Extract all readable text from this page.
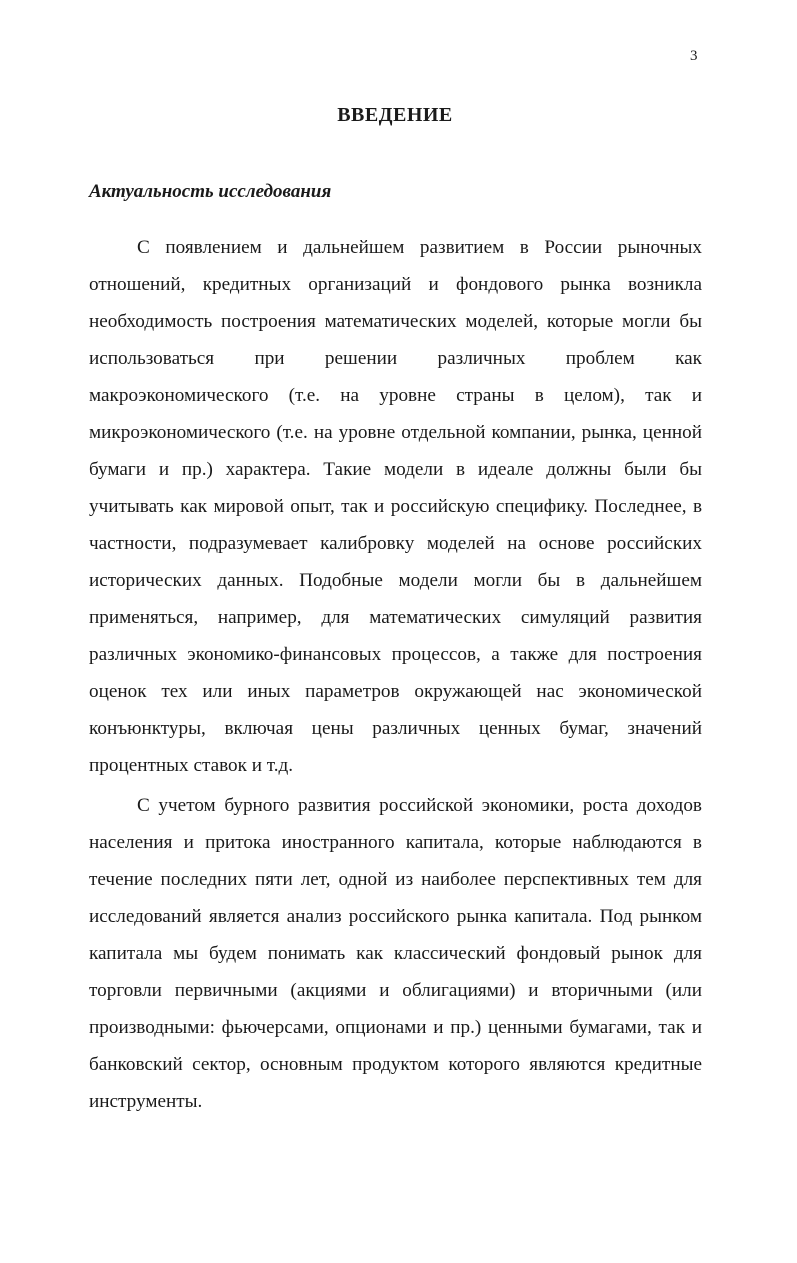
3
ВВЕДЕНИЕ
Актуальность исследования

С появлением и дальнейшем развитием в России рыночных отношений, кредитных организаций и фондового рынка возникла необходимость построения математических моделей, которые могли бы использоваться при решении различных проблем как макроэкономического (т.е. на уровне страны в целом), так и микроэкономического (т.е. на уровне отдельной компании, рынка, ценной бумаги и пр.) характера. Такие модели в идеале должны были бы учитывать как мировой опыт, так и российскую специфику. Последнее, в частности, подразумевает калибровку моделей на основе российских исторических данных. Подобные модели могли бы в дальнейшем применяться, например, для математических симуляций развития различных экономико-финансовых процессов, а также для построения оценок тех или иных параметров окружающей нас экономической конъюнктуры, включая цены различных ценных бумаг, значений процентных ставок и т.д.

С учетом бурного развития российской экономики, роста доходов населения и притока иностранного капитала, которые наблюдаются в течение последних пяти лет, одной из наиболее перспективных тем для исследований является анализ российского рынка капитала. Под рынком капитала мы будем понимать как классический фондовый рынок для торговли первичными (акциями и облигациями) и вторичными (или производными: фьючерсами, опционами и пр.) ценными бумагами, так и банковский сектор, основным продуктом которого являются кредитные инструменты.
